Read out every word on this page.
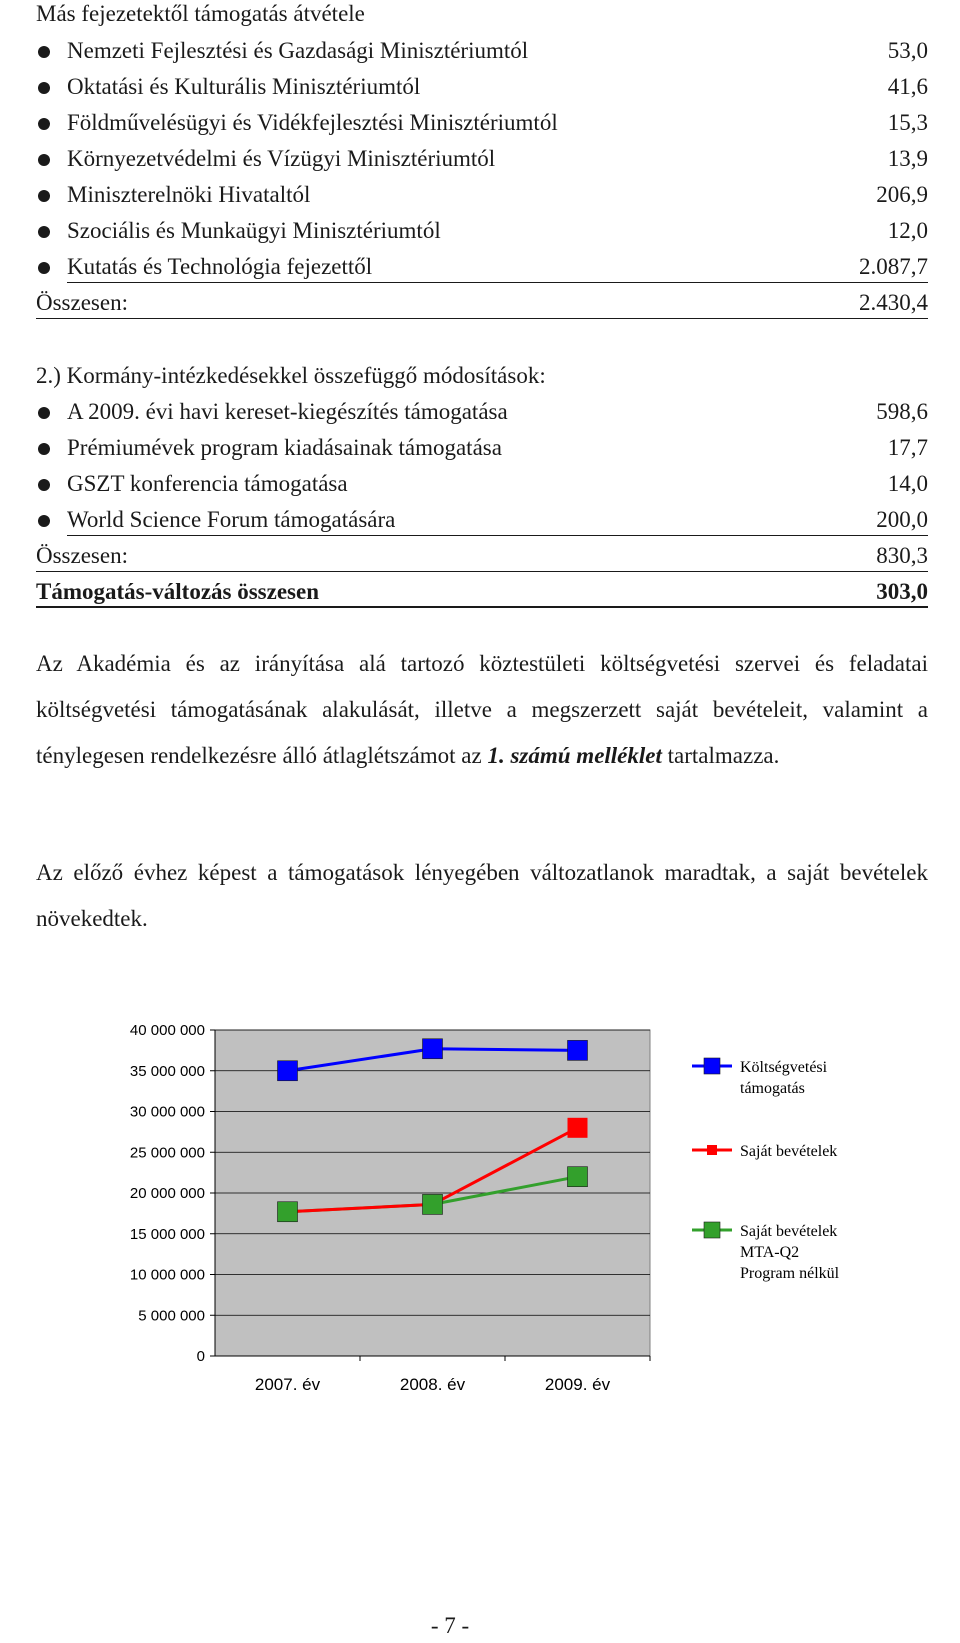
Más fejezetektől támogatás átvétele
Nemzeti Fejlesztési és Gazdasági Minisztériumtól	53,0
Oktatási és Kulturális Minisztériumtól	41,6
Földművelésügyi és Vidékfejlesztési Minisztériumtól	15,3
Környezetvédelmi és Vízügyi Minisztériumtól	13,9
Miniszterelnöki Hivataltól	206,9
Szociális és Munkaügyi Minisztériumtól	12,0
Kutatás és Technológia fejezettől	2.087,7
Összesen:	2.430,4
2.) Kormány-intézkedésekkel összefüggő módosítások:
A 2009. évi havi kereset-kiegészítés támogatása	598,6
Prémiumévek program kiadásainak támogatása	17,7
GSZT konferencia támogatása	14,0
World Science Forum támogatására	200,0
Összesen:	830,3
Támogatás-változás összesen	303,0

Az Akadémia és az irányítása alá tartozó köztestületi költségvetési szervei és feladatai költségvetési támogatásának alakulását, illetve a megszerzett saját bevételeit, valamint a ténylegesen rendelkezésre álló átlaglétszámot az 1. számú melléklet tartalmazza.

Az előző évhez képest a támogatások lényegében változatlanok maradtak, a saját bevételek növekedtek.

0
5 000 000
10 000 000
15 000 000
20 000 000
25 000 000
30 000 000
35 000 000
40 000 000
2007. év	2008. év	2009. év
Költségvetési
támogatás
Saját bevételek
Saját bevételek
MTA-Q2
Program nélkül
- 7 -
